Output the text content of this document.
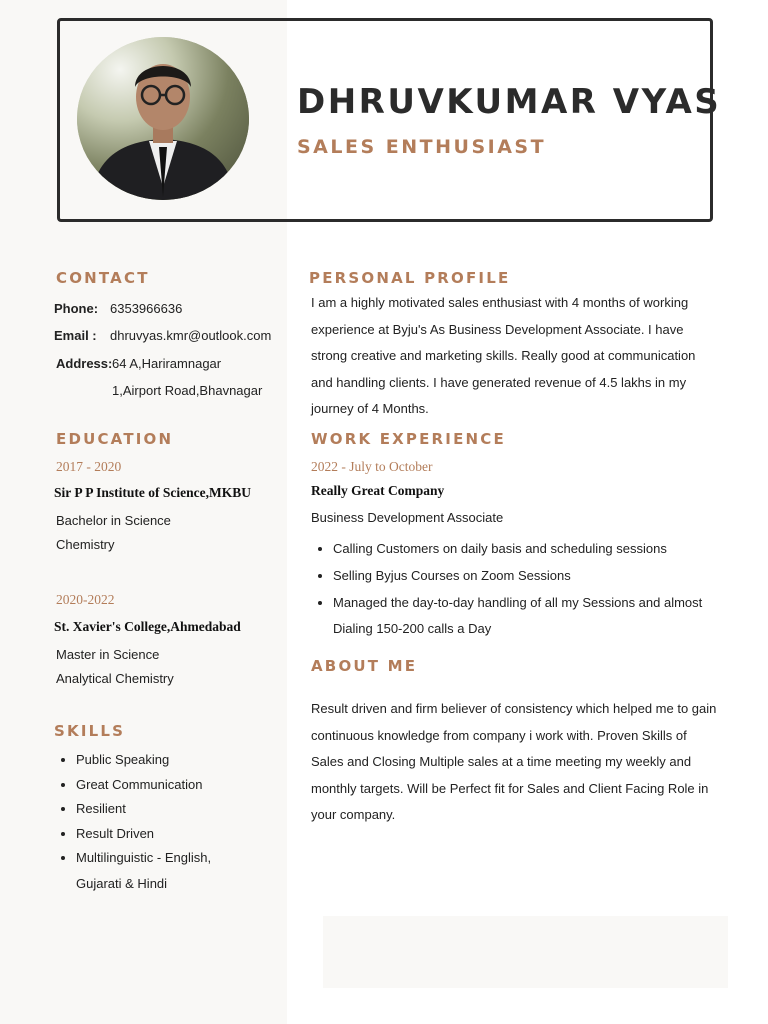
DHRUVKUMAR VYAS
SALES ENTHUSIAST
CONTACT
Phone: 6353966636
Email : dhruvyas.kmr@outlook.com
Address: 64 A,Hariramnagar
1,Airport Road,Bhavnagar
EDUCATION
2017 - 2020
Sir P P Institute of Science,MKBU
Bachelor in Science
Chemistry
2020-2022
St. Xavier's College,Ahmedabad
Master in Science
Analytical Chemistry
SKILLS
• Public Speaking
• Great Communication
• Resilient
• Result Driven
• Multilinguistic - English,
Gujarati & Hindi
PERSONAL PROFILE
I am a highly motivated sales enthusiast with 4 months of working
experience at Byju's As Business Development Associate. I have
strong creative and marketing skills. Really good at communication
and handling clients. I have generated revenue of 4.5 lakhs in my
journey of 4 Months.
WORK EXPERIENCE
2022 - July to October
Really Great Company
Business Development Associate
• Calling Customers on daily basis and scheduling sessions
• Selling Byjus Courses on Zoom Sessions
• Managed the day-to-day handling of all my Sessions and almost
Dialing 150-200 calls a Day
ABOUT ME
Result driven and firm believer of consistency which helped me to gain
continuous knowledge from company i work with. Proven Skills of
Sales and Closing Multiple sales at a time meeting my weekly and
monthly targets. Will be Perfect fit for Sales and Client Facing Role in
your company.
